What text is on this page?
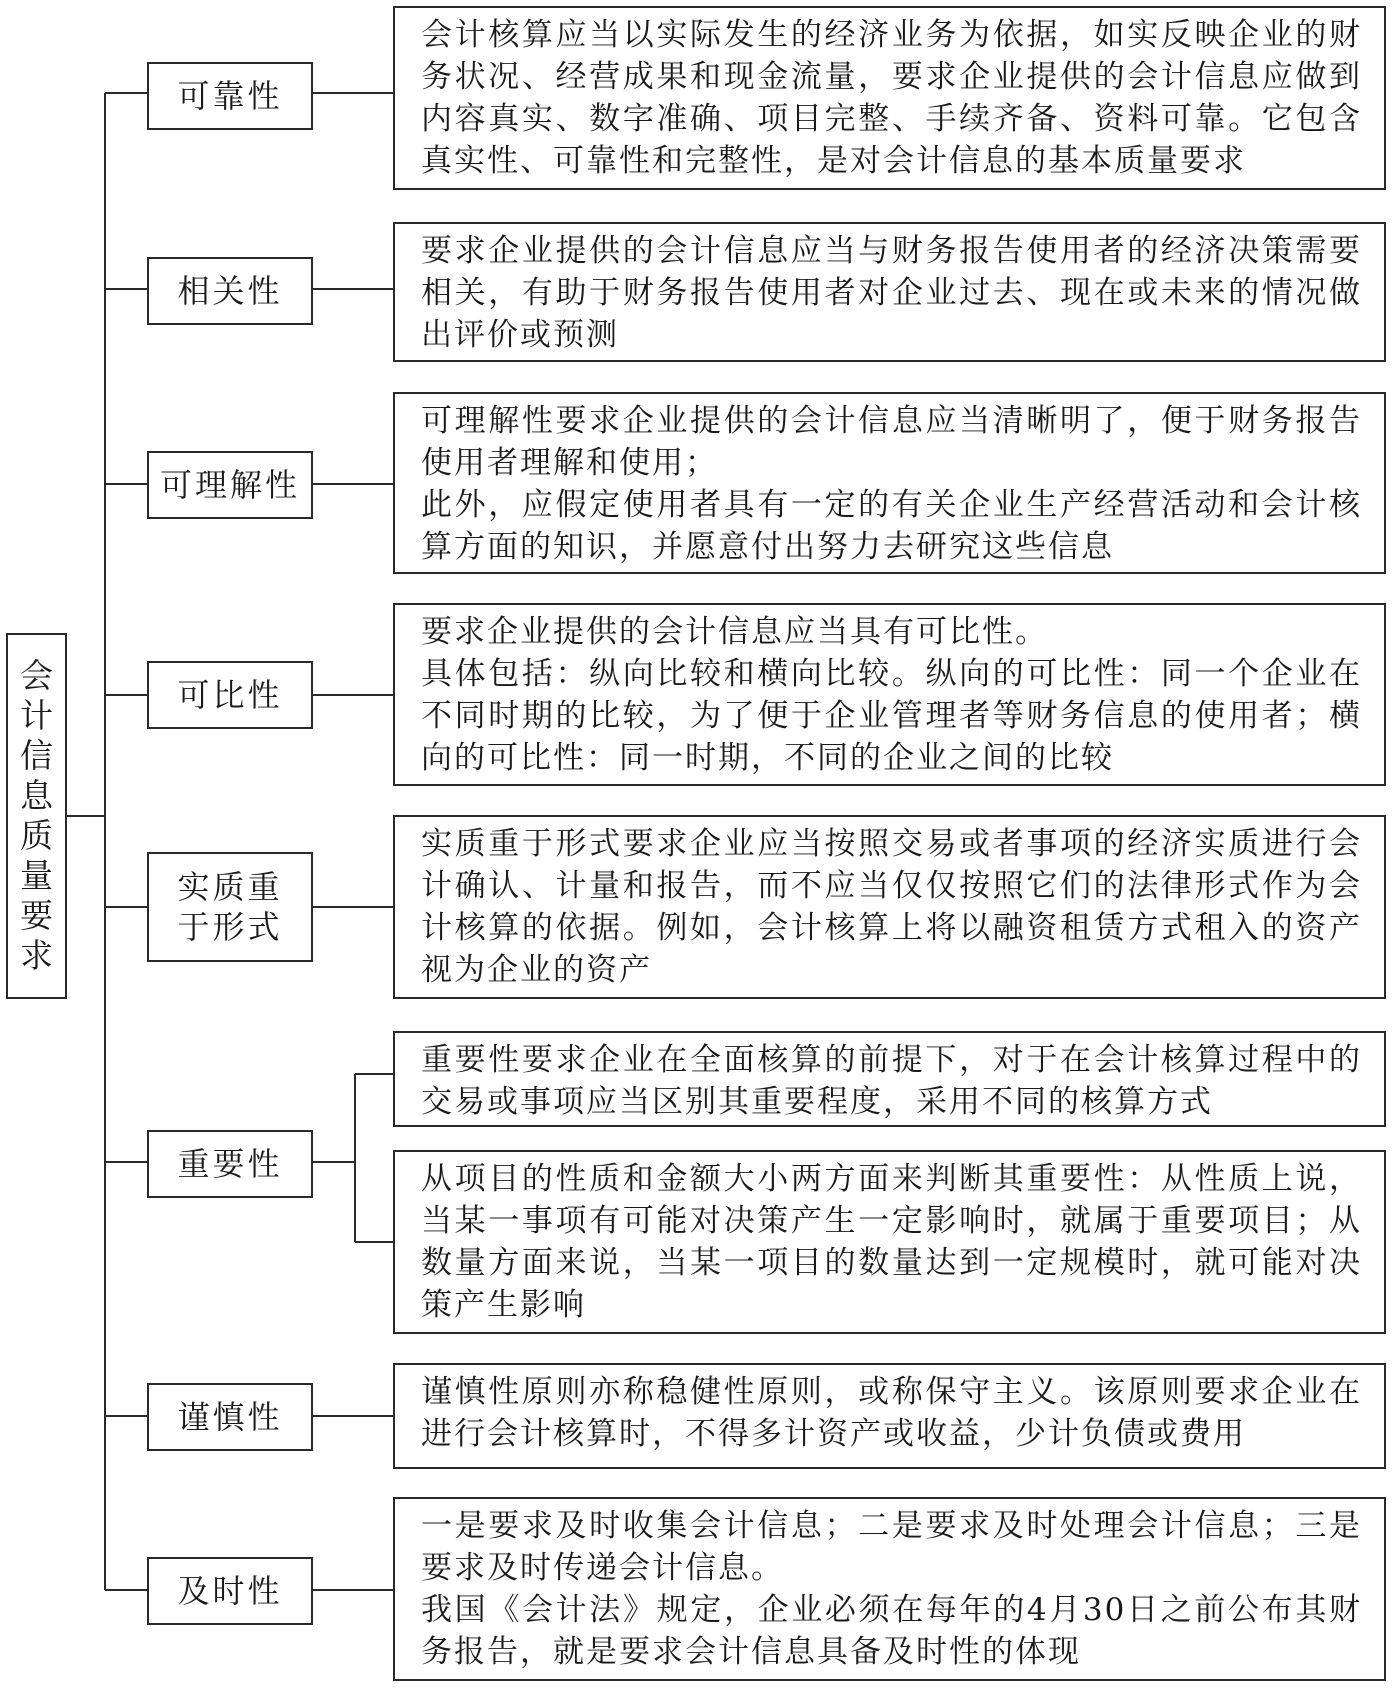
会
计
信
息
质
量
要
求
可靠性
相关性
可理解性
可比性
实质重于形式
重要性
谨慎性
及时性

会计核算应当以实际发生的经济业务为依据，如实反映企业的财务状况、经营成果和现金流量，要求企业提供的会计信息应做到内容真实、数字准确、项目完整、手续齐备、资料可靠。它包含真实性、可靠性和完整性，是对会计信息的基本质量要求

要求企业提供的会计信息应当与财务报告使用者的经济决策需要相关，有助于财务报告使用者对企业过去、现在或未来的情况做出评价或预测

可理解性要求企业提供的会计信息应当清晰明了，便于财务报告使用者理解和使用；

此外，应假定使用者具有一定的有关企业生产经营活动和会计核算方面的知识，并愿意付出努力去研究这些信息

要求企业提供的会计信息应当具有可比性。

具体包括：纵向比较和横向比较。纵向的可比性：同一个企业在不同时期的比较，为了便于企业管理者等财务信息的使用者；横向的可比性：同一时期，不同的企业之间的比较

实质重于形式要求企业应当按照交易或者事项的经济实质进行会计确认、计量和报告，而不应当仅仅按照它们的法律形式作为会计核算的依据。例如，会计核算上将以融资租赁方式租入的资产视为企业的资产

重要性要求企业在全面核算的前提下，对于在会计核算过程中的交易或事项应当区别其重要程度，采用不同的核算方式

从项目的性质和金额大小两方面来判断其重要性：从性质上说，当某一事项有可能对决策产生一定影响时，就属于重要项目；从数量方面来说，当某一项目的数量达到一定规模时，就可能对决策产生影响

谨慎性原则亦称稳健性原则，或称保守主义。该原则要求企业在进行会计核算时，不得多计资产或收益，少计负债或费用

一是要求及时收集会计信息；二是要求及时处理会计信息；三是要求及时传递会计信息。

我国《会计法》规定，企业必须在每年的4月30日之前公布其财务报告，就是要求会计信息具备及时性的体现
